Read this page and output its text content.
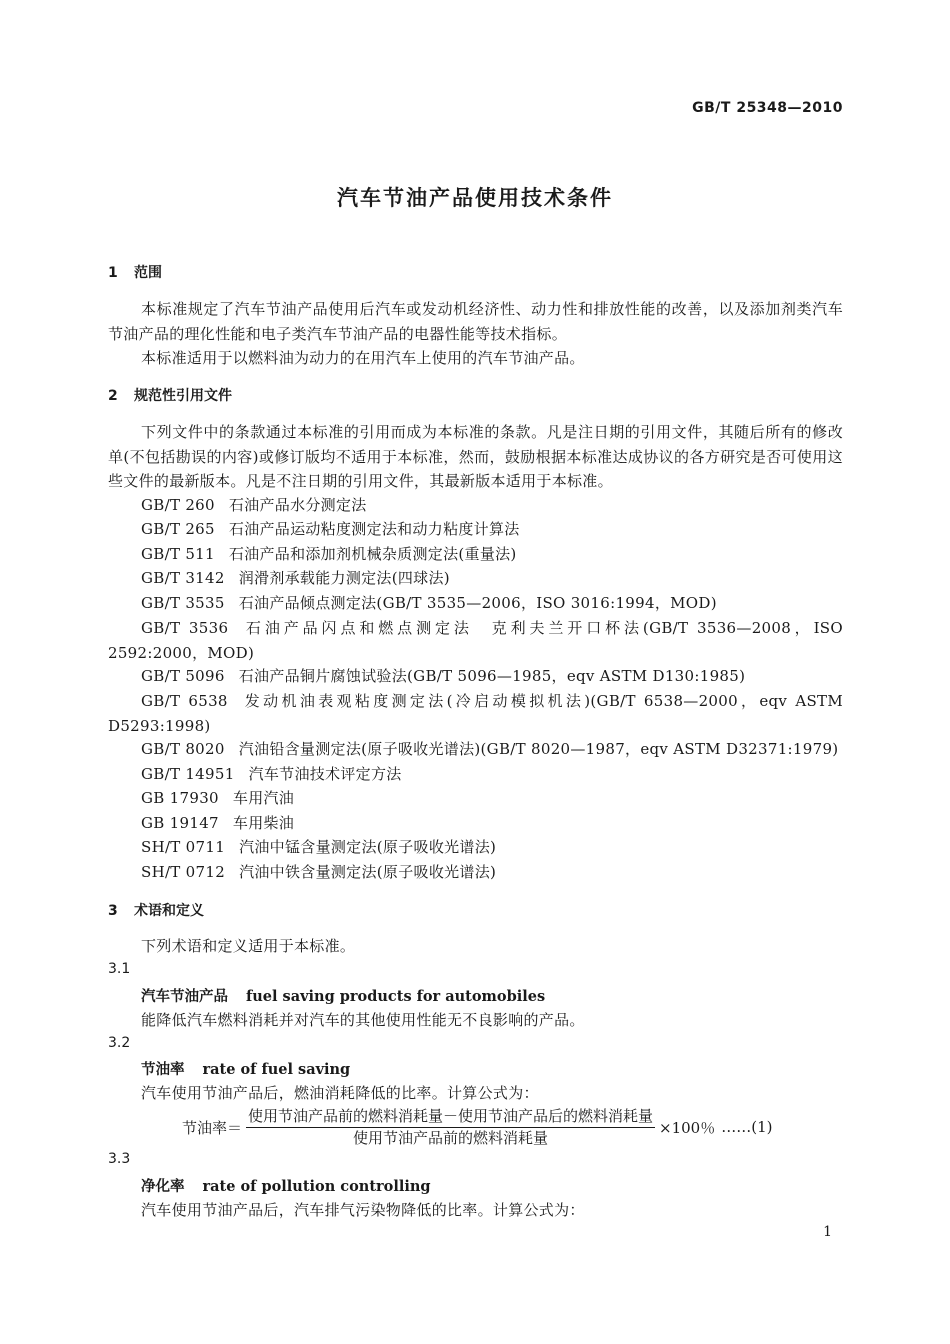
GB/T 25348—2010
汽车节油产品使用技术条件
1 范围
本标准规定了汽车节油产品使用后汽车或发动机经济性、动力性和排放性能的改善，以及添加剂类汽车节油产品的理化性能和电子类汽车节油产品的电器性能等技术指标。
本标准适用于以燃料油为动力的在用汽车上使用的汽车节油产品。
2 规范性引用文件
下列文件中的条款通过本标准的引用而成为本标准的条款。凡是注日期的引用文件，其随后所有的修改单(不包括勘误的内容)或修订版均不适用于本标准，然而，鼓励根据本标准达成协议的各方研究是否可使用这些文件的最新版本。凡是不注日期的引用文件，其最新版本适用于本标准。
GB/T 260 石油产品水分测定法
GB/T 265 石油产品运动粘度测定法和动力粘度计算法
GB/T 511 石油产品和添加剂机械杂质测定法(重量法)
GB/T 3142 润滑剂承载能力测定法(四球法)
GB/T 3535 石油产品倾点测定法(GB/T 3535—2006，ISO 3016:1994，MOD)
GB/T 3536 石油产品闪点和燃点测定法　克利夫兰开口杯法(GB/T 3536—2008，ISO 2592:2000，MOD)
GB/T 5096 石油产品铜片腐蚀试验法(GB/T 5096—1985，eqv ASTM D130:1985)
GB/T 6538 发动机油表观粘度测定法(冷启动模拟机法)(GB/T 6538—2000，eqv ASTM D5293:1998)
GB/T 8020 汽油铅含量测定法(原子吸收光谱法)(GB/T 8020—1987，eqv ASTM D32371:1979)
GB/T 14951 汽车节油技术评定方法
GB 17930 车用汽油
GB 19147 车用柴油
SH/T 0711 汽油中锰含量测定法(原子吸收光谱法)
SH/T 0712 汽油中铁含量测定法(原子吸收光谱法)
3 术语和定义
下列术语和定义适用于本标准。
3.1
汽车节油产品 fuel saving products for automobiles
能降低汽车燃料消耗并对汽车的其他使用性能无不良影响的产品。
3.2
节油率 rate of fuel saving
汽车使用节油产品后，燃油消耗降低的比率。计算公式为：
节油率＝ $\frac{\text{使用节油产品前的燃料消耗量－使用节油产品后的燃料消耗量}}{\text{使用节油产品前的燃料消耗量}} \times 100$％ ……(1)
3.3
净化率 rate of pollution controlling
汽车使用节油产品后，汽车排气污染物降低的比率。计算公式为：
1
